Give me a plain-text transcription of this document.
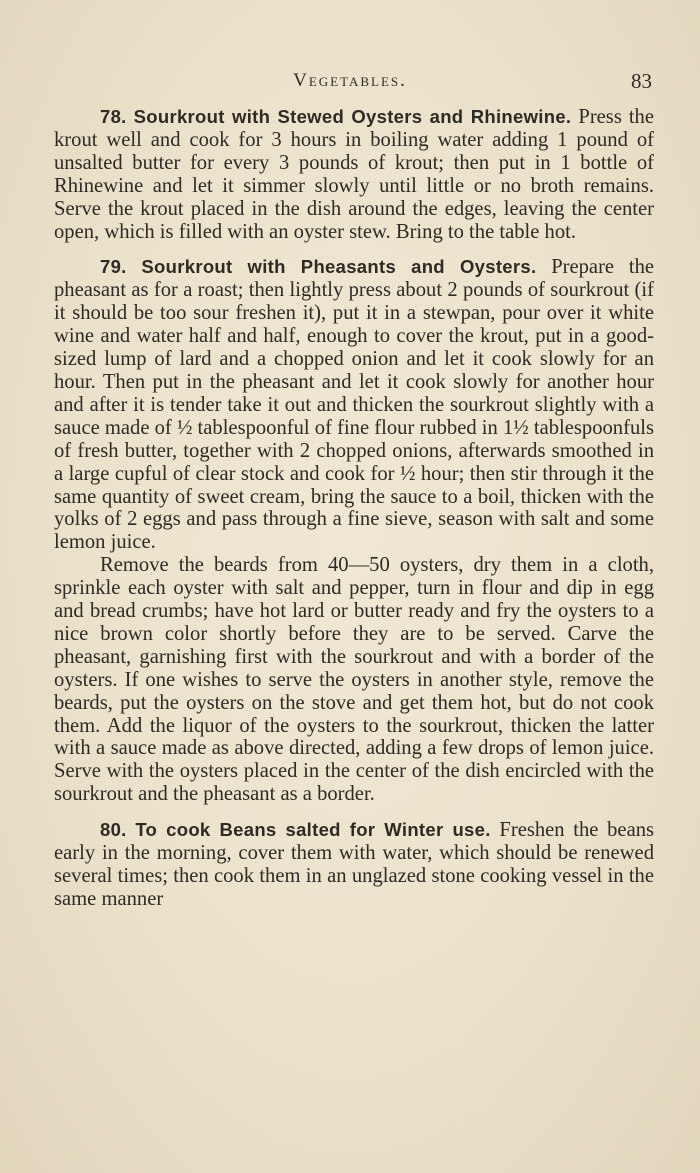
Vegetables.	83

78. Sourkrout with Stewed Oysters and Rhinewine. Press the krout well and cook for 3 hours in boiling water adding 1 pound of unsalted butter for every 3 pounds of krout; then put in 1 bottle of Rhinewine and let it simmer slowly until little or no broth remains. Serve the krout placed in the dish around the edges, leaving the center open, which is filled with an oyster stew. Bring to the table hot.

79. Sourkrout with Pheasants and Oysters. Prepare the pheasant as for a roast; then lightly press about 2 pounds of sourkrout (if it should be too sour freshen it), put it in a stewpan, pour over it white wine and water half and half, enough to cover the krout, put in a good-sized lump of lard and a chopped onion and let it cook slowly for an hour. Then put in the pheasant and let it cook slowly for another hour and after it is tender take it out and thicken the sourkrout slightly with a sauce made of ½ tablespoonful of fine flour rubbed in 1½ tablespoonfuls of fresh butter, together with 2 chopped onions, afterwards smoothed in a large cupful of clear stock and cook for ½ hour; then stir through it the same quantity of sweet cream, bring the sauce to a boil, thicken with the yolks of 2 eggs and pass through a fine sieve, season with salt and some lemon juice.

Remove the beards from 40—50 oysters, dry them in a cloth, sprinkle each oyster with salt and pepper, turn in flour and dip in egg and bread crumbs; have hot lard or butter ready and fry the oysters to a nice brown color shortly before they are to be served. Carve the pheasant, garnishing first with the sourkrout and with a border of the oysters. If one wishes to serve the oysters in another style, remove the beards, put the oysters on the stove and get them hot, but do not cook them. Add the liquor of the oysters to the sourkrout, thicken the latter with a sauce made as above directed, adding a few drops of lemon juice. Serve with the oysters placed in the center of the dish encircled with the sourkrout and the pheasant as a border.

80. To cook Beans salted for Winter use. Freshen the beans early in the morning, cover them with water, which should be renewed several times; then cook them in an unglazed stone cooking vessel in the same manner
